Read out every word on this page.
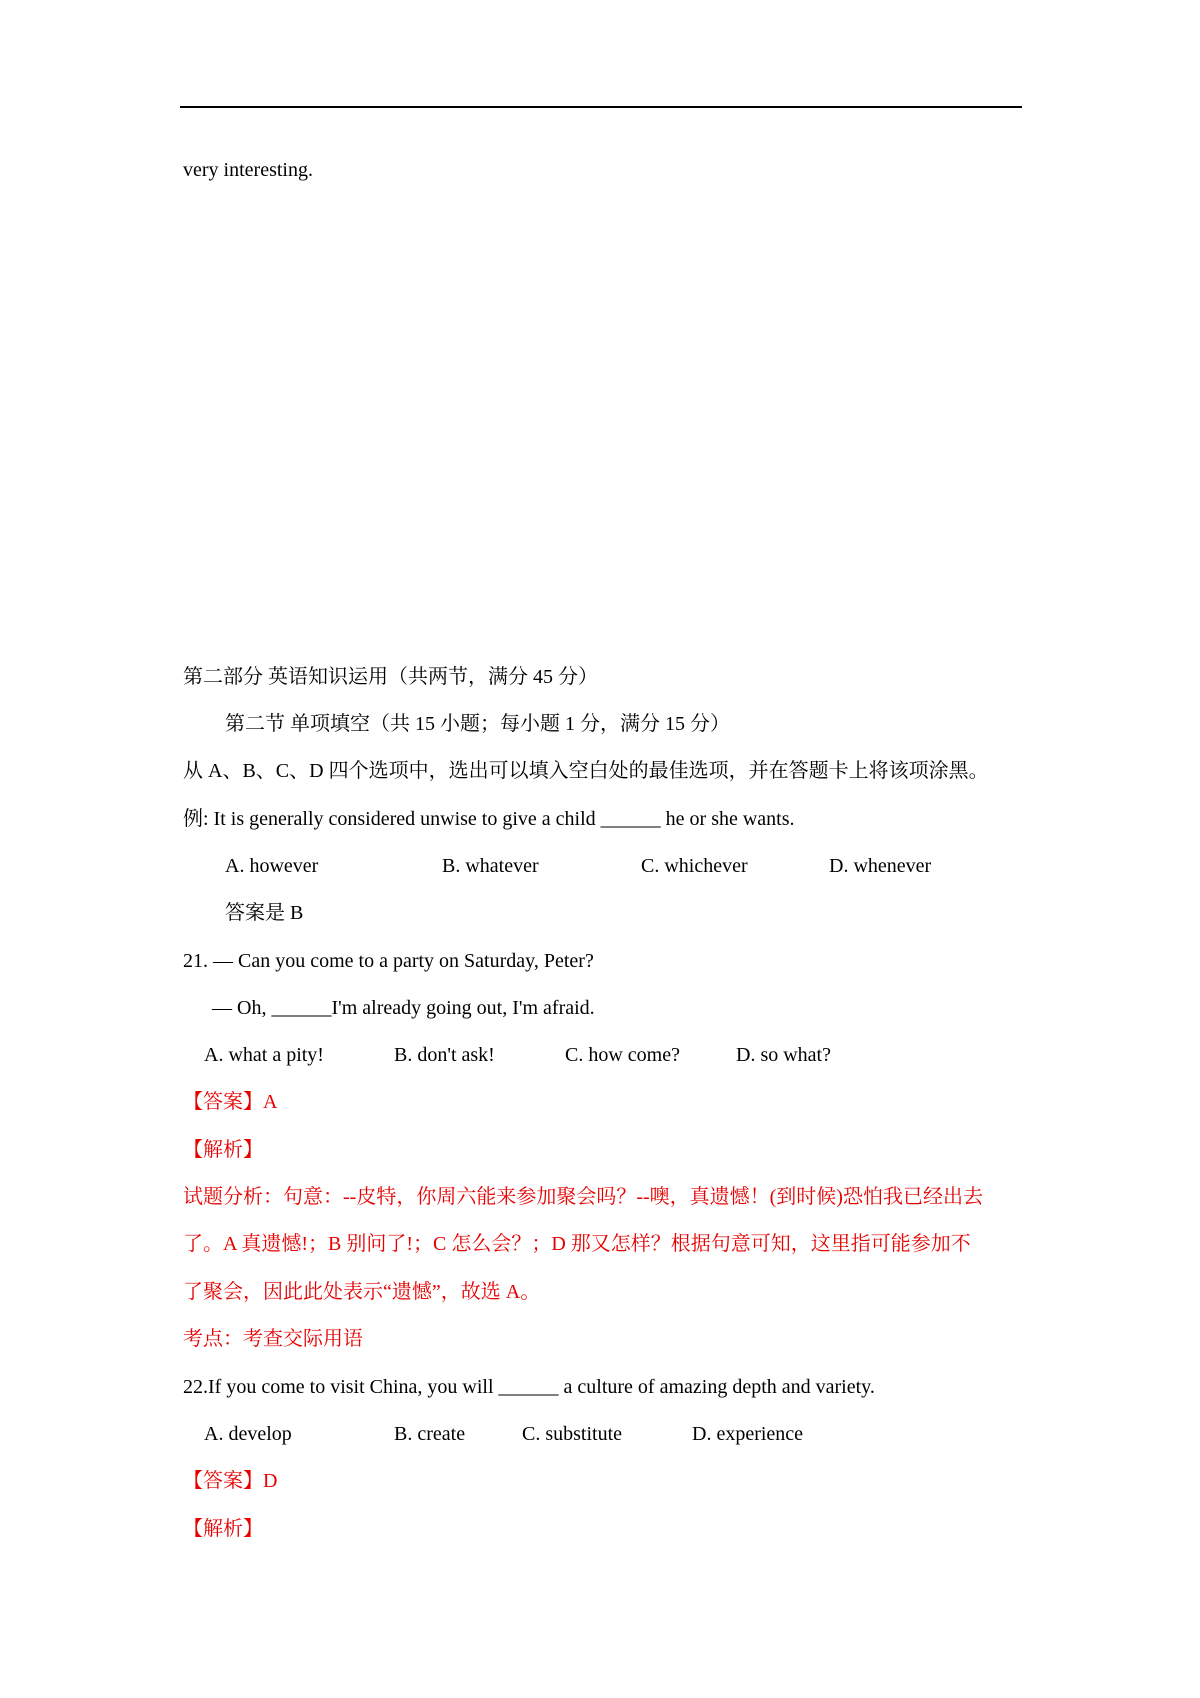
very interesting.
第二部分 英语知识运用（共两节，满分 45 分）
第二节 单项填空（共 15 小题；每小题 1 分，满分 15 分）
从 A、B、C、D 四个选项中，选出可以填入空白处的最佳选项，并在答题卡上将该项涂黑。
例: It is generally considered unwise to give a child ______ he or she wants.
A. however	B. whatever	C. whichever	D. whenever
答案是 B
21. — Can you come to a party on Saturday, Peter?
— Oh, ______I'm already going out, I'm afraid.
A. what a pity!	B. don't ask!	C. how come?	D. so what?
【答案】A
【解析】
试题分析：句意：--皮特，你周六能来参加聚会吗？--噢，真遗憾！(到时候)恐怕我已经出去
了。A 真遗憾!；B 别问了!；C 怎么会？；D 那又怎样？根据句意可知，这里指可能参加不
了聚会，因此此处表示“遗憾”，故选 A。
考点：考查交际用语
22.If you come to visit China, you will ______ a culture of amazing depth and variety.
A. develop	B. create	C. substitute	D. experience
【答案】D
【解析】
